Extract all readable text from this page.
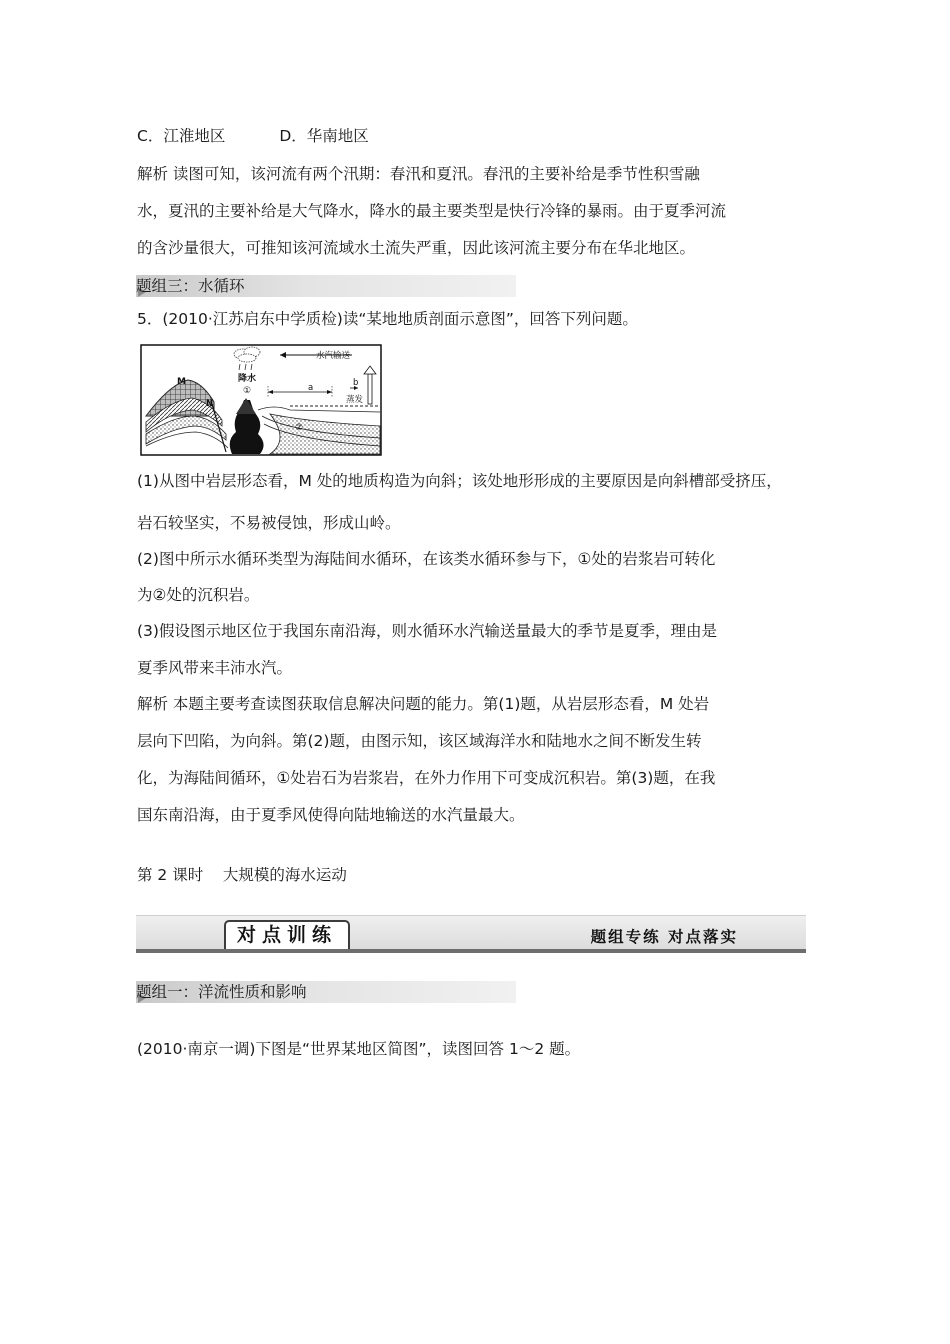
C．江淮地区	D．华南地区
解析 读图可知，该河流有两个汛期：春汛和夏汛。春汛的主要补给是季节性积雪融
水，夏汛的主要补给是大气降水，降水的最主要类型是快行冷锋的暴雨。由于夏季河流
的含沙量很大，可推知该河流域水土流失严重，因此该河流主要分布在华北地区。
题组三：水循环
5．(2010·江苏启东中学质检)读“某地地质剖面示意图”，回答下列问题。
水汽输送
降水
①
M
N
②
a	b
蒸发
(1)从图中岩层形态看，M 处的地质构造为向斜；该处地形形成的主要原因是向斜槽部受挤压，
岩石较坚实，不易被侵蚀，形成山岭。
(2)图中所示水循环类型为海陆间水循环，在该类水循环参与下，①处的岩浆岩可转化
为②处的沉积岩。
(3)假设图示地区位于我国东南沿海，则水循环水汽输送量最大的季节是夏季，理由是
夏季风带来丰沛水汽。
解析 本题主要考查读图获取信息解决问题的能力。第(1)题，从岩层形态看，M 处岩
层向下凹陷，为向斜。第(2)题，由图示知，该区域海洋水和陆地水之间不断发生转
化，为海陆间循环，①处岩石为岩浆岩，在外力作用下可变成沉积岩。第(3)题，在我
国东南沿海，由于夏季风使得向陆地输送的水汽量最大。
第 2 课时    大规模的海水运动
对点训练	题组专练 对点落实
题组一：洋流性质和影响
(2010·南京一调)下图是“世界某地区简图”，读图回答 1～2 题。
